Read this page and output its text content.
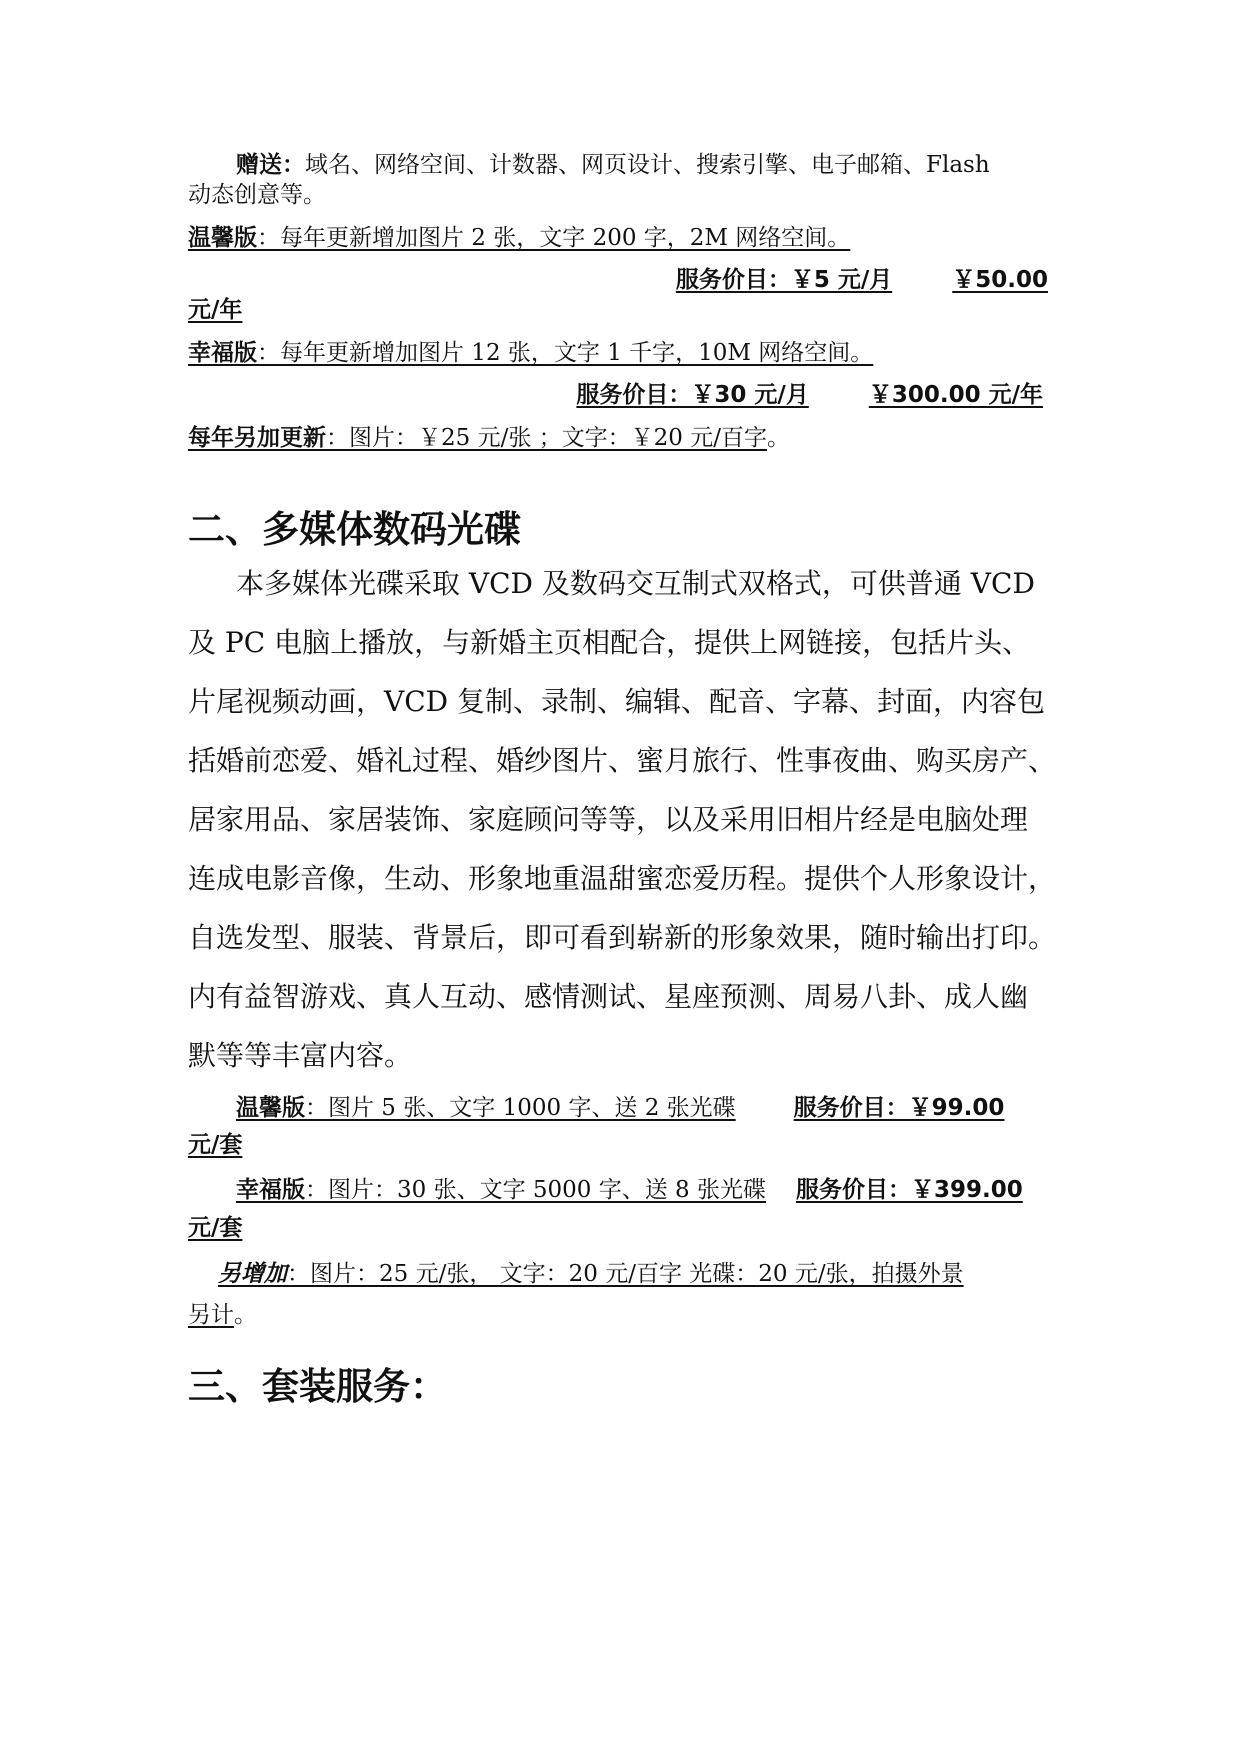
赠送：域名、网络空间、计数器、网页设计、搜索引擎、电子邮箱、Flash
动态创意等。
温馨版：每年更新增加图片 2 张，文字 200 字，2M 网络空间。
服务价目：￥5 元/月	￥50.00
元/年
幸福版：每年更新增加图片 12 张，文字 1 千字，10M 网络空间。
服务价目：￥30 元/月	￥300.00 元/年
每年另加更新：图片：￥25 元/张 ；文字：￥20 元/百字。
二、多媒体数码光碟
本多媒体光碟采取 VCD 及数码交互制式双格式，可供普通 VCD
及 PC 电脑上播放，与新婚主页相配合，提供上网链接，包括片头、
片尾视频动画，VCD 复制、录制、编辑、配音、字幕、封面，内容包
括婚前恋爱、婚礼过程、婚纱图片、蜜月旅行、性事夜曲、购买房产、
居家用品、家居装饰、家庭顾问等等，以及采用旧相片经是电脑处理
连成电影音像，生动、形象地重温甜蜜恋爱历程。提供个人形象设计，
自选发型、服装、背景后，即可看到崭新的形象效果，随时输出打印。
内有益智游戏、真人互动、感情测试、星座预测、周易八卦、成人幽
默等等丰富内容。
温馨版：图片 5 张、文字 1000 字、送 2 张光碟	服务价目：￥99.00
元/套
幸福版：图片：30 张、文字 5000 字、送 8 张光碟 服务价目：￥399.00
元/套
另增加：图片：25 元/张， 文字：20 元/百字 光碟：20 元/张，拍摄外景
另计。
三、套装服务：
